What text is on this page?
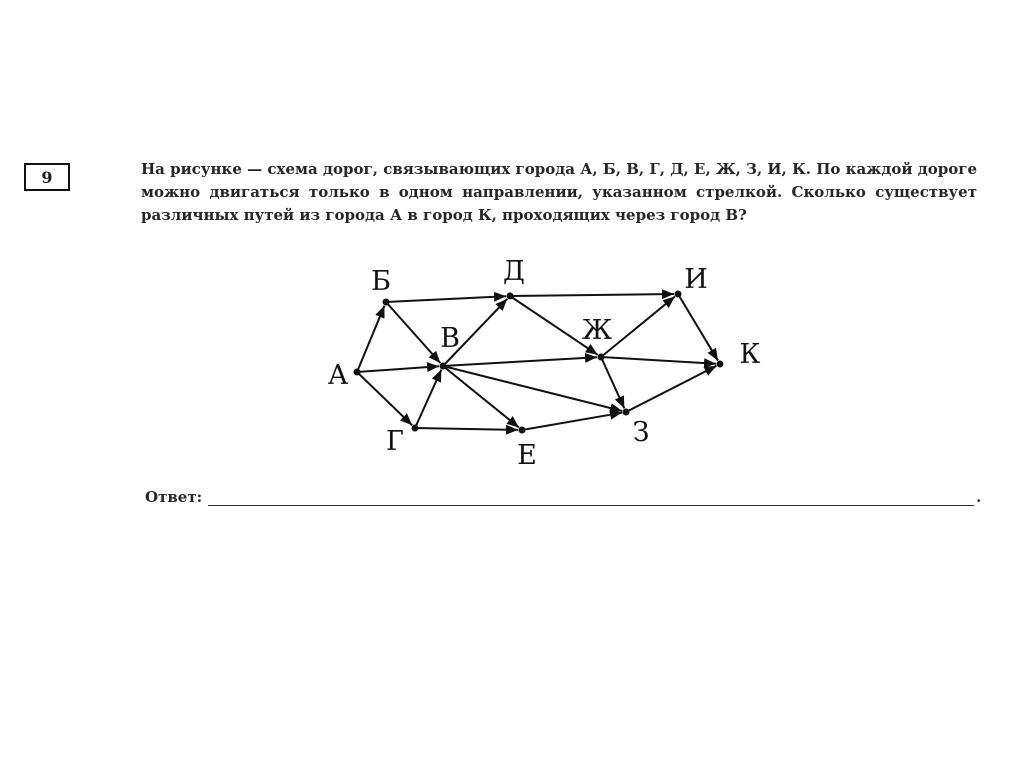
9	На рисунке — схема дорог, связывающих города А, Б, В, Г, Д, Е, Ж, З, И, К. По каждой дороге можно двигаться только в одном направлении, указанном стрелкой. Сколько существует различных путей из города А в город К, проходящих через город В?

А
Б
В
Г
Д
Е
Ж
З
И
К
Ответ:	.
